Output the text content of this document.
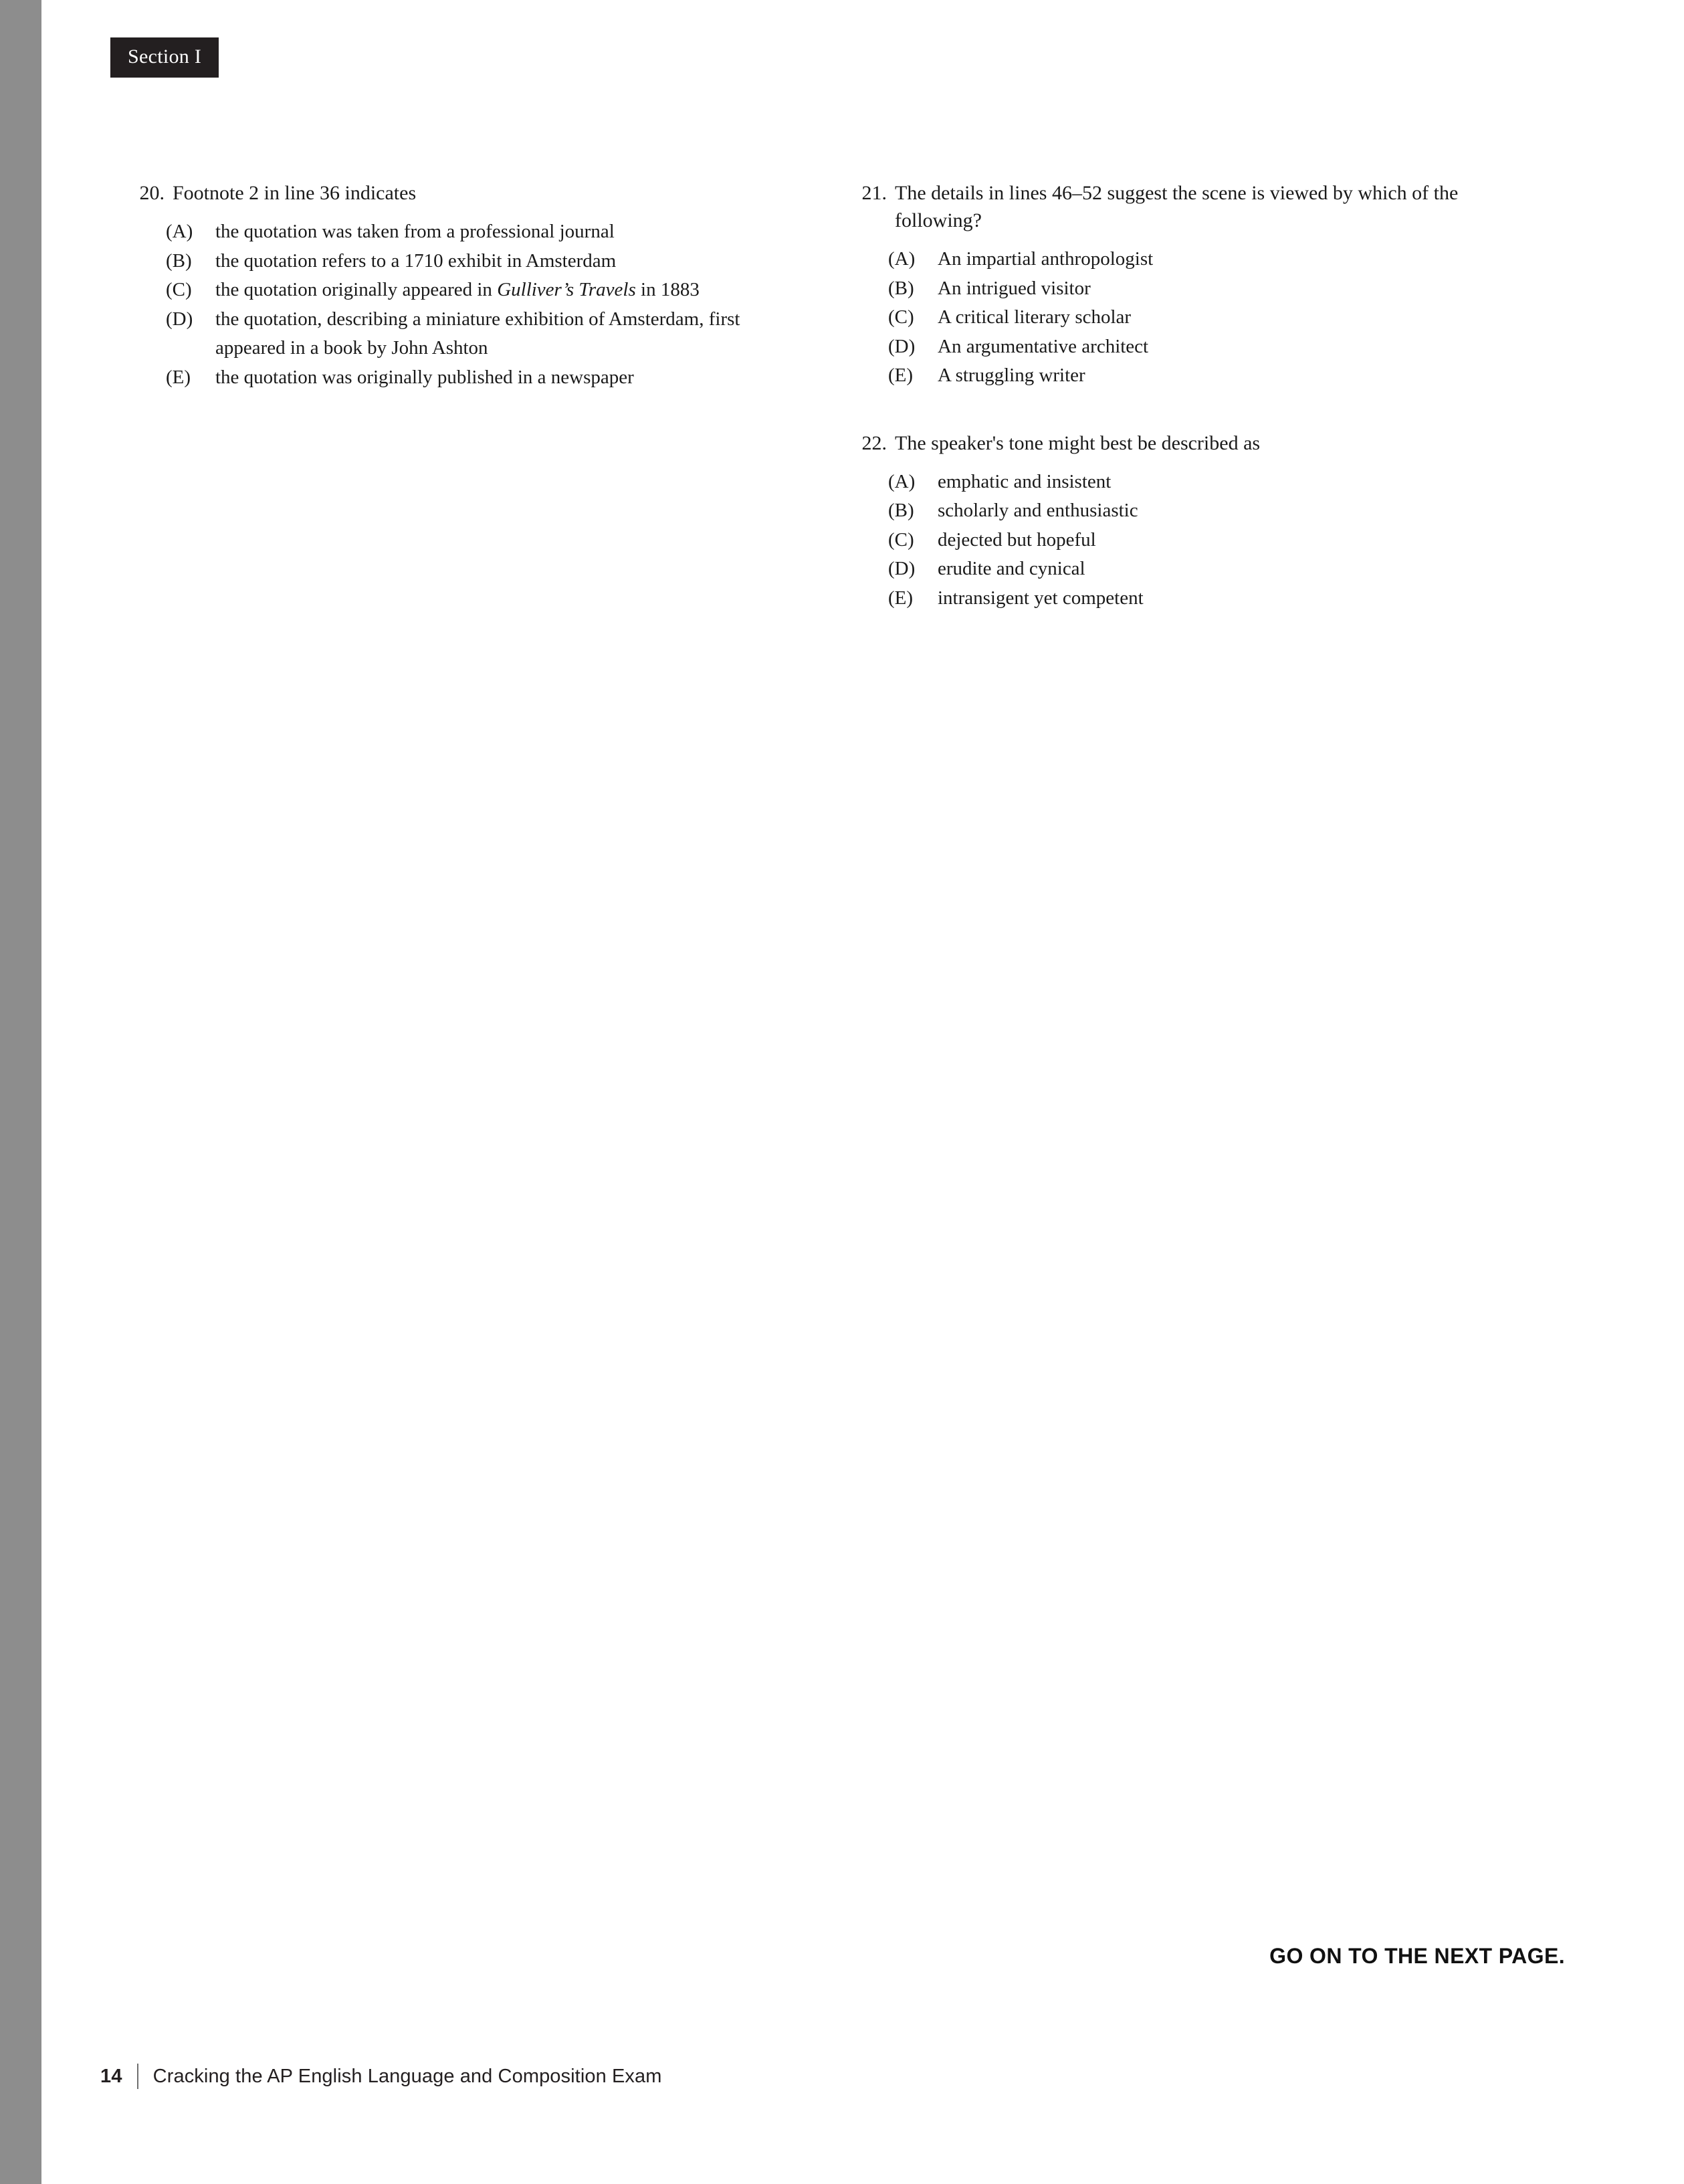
Section I
20. Footnote 2 in line 36 indicates
(A)	the quotation was taken from a professional journal
(B)	the quotation refers to a 1710 exhibit in Amsterdam
(C)	the quotation originally appeared in Gulliver’s Travels in 1883
(D)	the quotation, describing a miniature exhibition of Amsterdam, first appeared in a book by John Ashton
(E)	the quotation was originally published in a newspaper
21. The details in lines 46–52 suggest the scene is viewed by which of the following?
(A)	An impartial anthropologist
(B)	An intrigued visitor
(C)	A critical literary scholar
(D)	An argumentative architect
(E)	A struggling writer
22. The speaker's tone might best be described as
(A)	emphatic and insistent
(B)	scholarly and enthusiastic
(C)	dejected but hopeful
(D)	erudite and cynical
(E)	intransigent yet competent
GO ON TO THE NEXT PAGE.
14 Cracking the AP English Language and Composition Exam
